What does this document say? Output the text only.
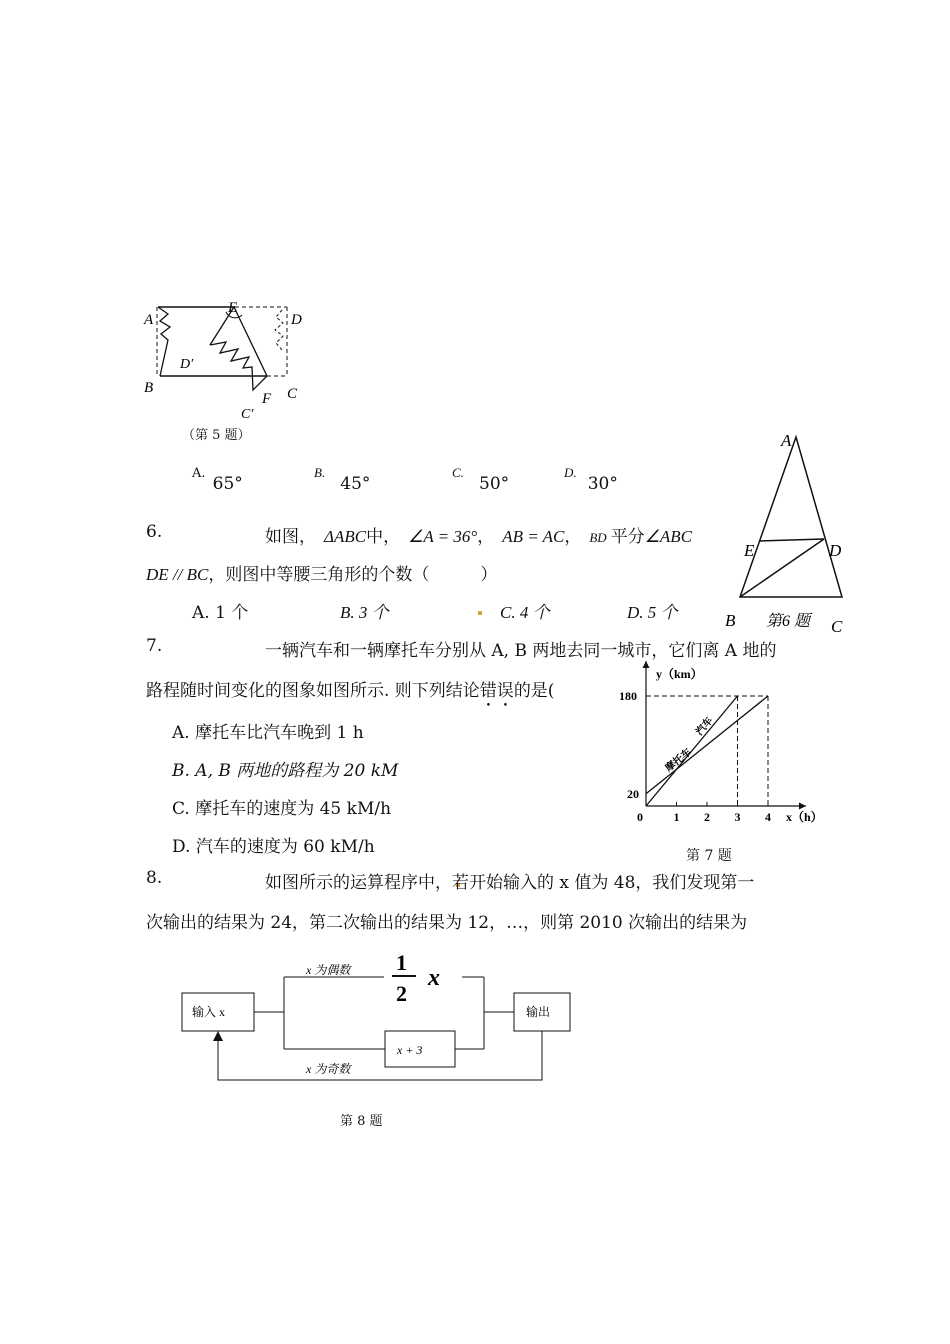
A
E
D
D′
B	C
F
C′
（第 5 题）
A. 65°
B. 45°
C. 50°
D. 30°
6.	如图， ΔABC中， ∠A = 36°， AB = AC， BD 平分∠ABC
DE // BC，则图中等腰三角形的个数（　　　）
A. 1 个	B. 3 个	C. 4 个	D. 5 个
A
E	D
B 第6 题 C
7.	一辆汽车和一辆摩托车分别从 A, B 两地去同一城市，它们离 A 地的
路程随时间变化的图象如图所示. 则下列结论错误的是(
A. 摩托车比汽车晚到 1 h
B. A, B 两地的路程为 20 kM
C. 摩托车的速度为 45 kM/h
D. 汽车的速度为 60 kM/h
0	1 2 3 4
20
180
汽车
摩托车
y（km）
x（h）
第 7 题
8.	如图所示的运算程序中，若开始输入的 x 值为 48，我们发现第一
次输出的结果为 24，第二次输出的结果为 12，…，则第 2010 次输出的结果为
输入 x
x 为偶数 1
2
x
x + 3
输出
x 为奇数
第 8 题
